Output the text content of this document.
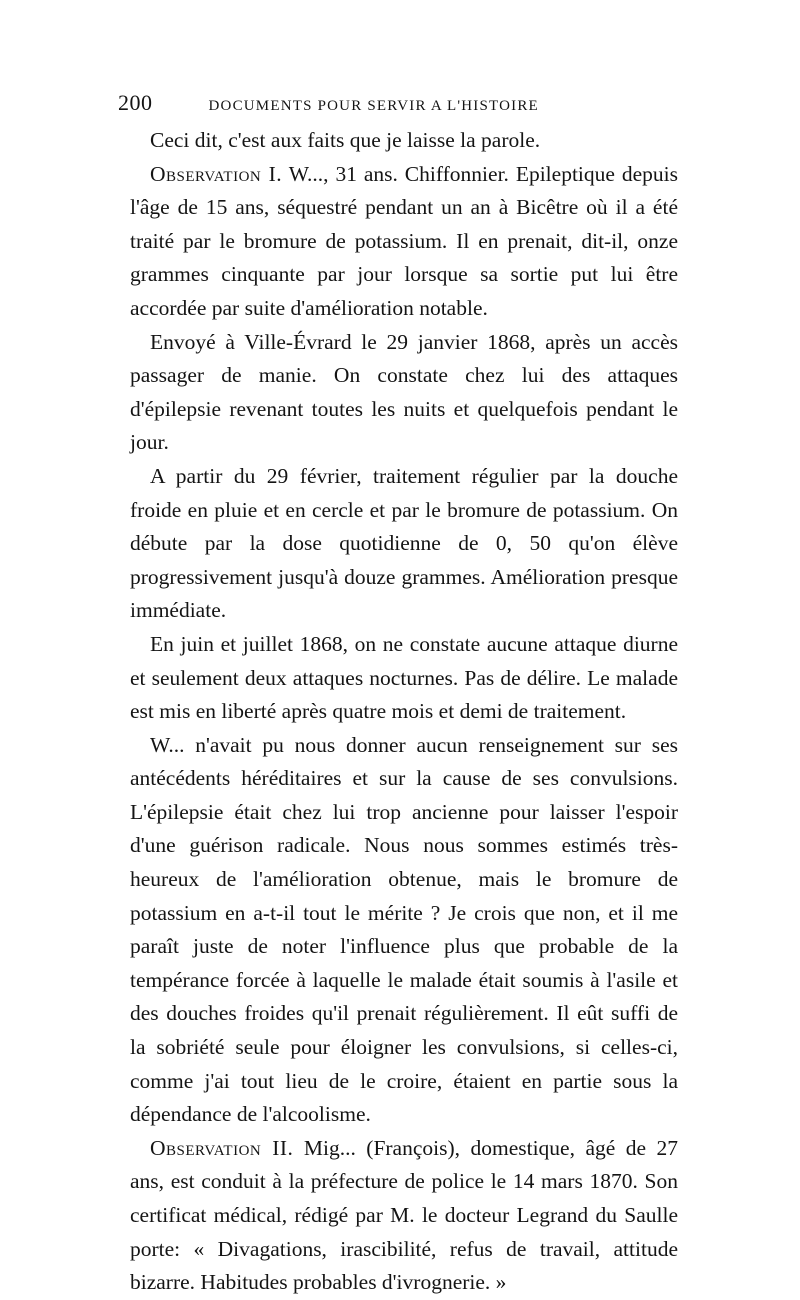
200	DOCUMENTS POUR SERVIR A L'HISTOIRE

Ceci dit, c'est aux faits que je laisse la parole.

Observation I. W..., 31 ans. Chiffonnier. Epileptique depuis l'âge de 15 ans, séquestré pendant un an à Bicêtre où il a été traité par le bromure de potassium. Il en prenait, dit-il, onze grammes cinquante par jour lorsque sa sortie put lui être accordée par suite d'amélioration notable.

Envoyé à Ville-Évrard le 29 janvier 1868, après un accès passager de manie. On constate chez lui des attaques d'épilepsie revenant toutes les nuits et quelquefois pendant le jour.

A partir du 29 février, traitement régulier par la douche froide en pluie et en cercle et par le bromure de potassium. On débute par la dose quotidienne de 0, 50 qu'on élève progressivement jusqu'à douze grammes. Amélioration presque immédiate.

En juin et juillet 1868, on ne constate aucune attaque diurne et seulement deux attaques nocturnes. Pas de délire. Le malade est mis en liberté après quatre mois et demi de traitement.

W... n'avait pu nous donner aucun renseignement sur ses antécédents héréditaires et sur la cause de ses convulsions. L'épilepsie était chez lui trop ancienne pour laisser l'espoir d'une guérison radicale. Nous nous sommes estimés très-heureux de l'amélioration obtenue, mais le bromure de potassium en a-t-il tout le mérite ? Je crois que non, et il me paraît juste de noter l'influence plus que probable de la tempérance forcée à laquelle le malade était soumis à l'asile et des douches froides qu'il prenait régulièrement. Il eût suffi de la sobriété seule pour éloigner les convulsions, si celles-ci, comme j'ai tout lieu de le croire, étaient en partie sous la dépendance de l'alcoolisme.

Observation II. Mig... (François), domestique, âgé de 27 ans, est conduit à la préfecture de police le 14 mars 1870. Son certificat médical, rédigé par M. le docteur Legrand du Saulle porte: « Divagations, irascibilité, refus de travail, attitude bizarre. Habitudes probables d'ivrognerie. »
